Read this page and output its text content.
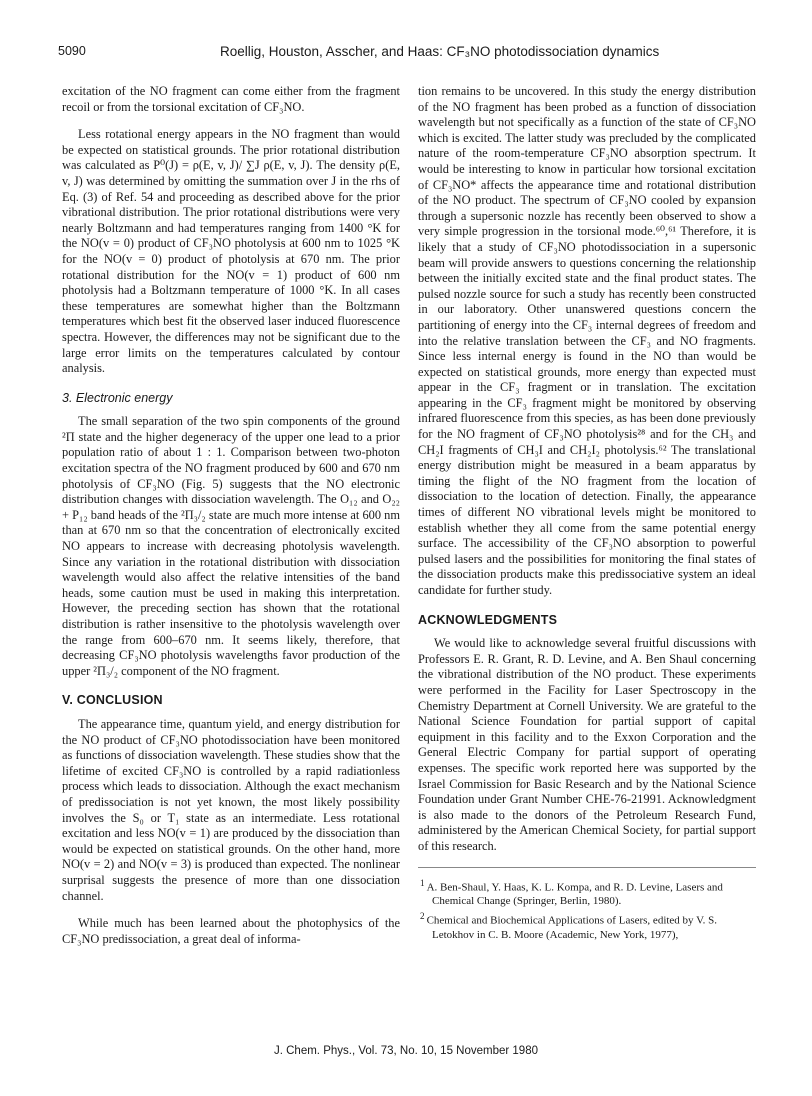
5090	Roellig, Houston, Asscher, and Haas: CF₃NO photodissociation dynamics

excitation of the NO fragment can come either from the fragment recoil or from the torsional excitation of CF₃NO.

Less rotational energy appears in the NO fragment than would be expected on statistical grounds. The prior rotational distribution was calculated as P⁰(J) = ρ(E, v, J)/ ∑J ρ(E, v, J). The density ρ(E, v, J) was determined by omitting the summation over J in the rhs of Eq. (3) of Ref. 54 and proceeding as described above for the prior vibrational distribution. The prior rotational distributions were very nearly Boltzmann and had temperatures ranging from 1400 °K for the NO(v = 0) product of CF₃NO photolysis at 600 nm to 1025 °K for the NO(v = 0) product of photolysis at 670 nm. The prior rotational distribution for the NO(v = 1) product of 600 nm photolysis had a Boltzmann temperature of 1000 °K. In all cases these temperatures are somewhat higher than the Boltzmann temperatures which best fit the observed laser induced fluorescence spectra. However, the differences may not be significant due to the large error limits on the temperatures calculated by contour analysis.

3. Electronic energy

The small separation of the two spin components of the ground ²Π state and the higher degeneracy of the upper one lead to a prior population ratio of about 1 : 1. Comparison between two-photon excitation spectra of the NO fragment produced by 600 and 670 nm photolysis of CF₃NO (Fig. 5) suggests that the NO electronic distribution changes with dissociation wavelength. The O₁₂ and O₂₂ + P₁₂ band heads of the ²Π₃/₂ state are much more intense at 600 nm than at 670 nm so that the concentration of electronically excited NO appears to increase with decreasing photolysis wavelength. Since any variation in the rotational distribution with dissociation wavelength would also affect the relative intensities of the band heads, some caution must be used in making this interpretation. However, the preceding section has shown that the rotational distribution is rather insensitive to the photolysis wavelength over the range from 600–670 nm. It seems likely, therefore, that decreasing CF₃NO photolysis wavelengths favor production of the upper ²Π₃/₂ component of the NO fragment.

V. CONCLUSION

The appearance time, quantum yield, and energy distribution for the NO product of CF₃NO photodissociation have been monitored as functions of dissociation wavelength. These studies show that the lifetime of excited CF₃NO is controlled by a rapid radiationless process which leads to dissociation. Although the exact mechanism of predissociation is not yet known, the most likely possibility involves the S₀ or T₁ state as an intermediate. Less rotational excitation and less NO(v = 1) are produced by the dissociation than would be expected on statistical grounds. On the other hand, more NO(v = 2) and NO(v = 3) is produced than expected. The nonlinear surprisal suggests the presence of more than one dissociation channel.

While much has been learned about the photophysics of the CF₃NO predissociation, a great deal of informa-

tion remains to be uncovered. In this study the energy distribution of the NO fragment has been probed as a function of dissociation wavelength but not specifically as a function of the state of CF₃NO which is excited. The latter study was precluded by the complicated nature of the room-temperature CF₃NO absorption spectrum. It would be interesting to know in particular how torsional excitation of CF₃NO* affects the appearance time and rotational distribution of the NO product. The spectrum of CF₃NO cooled by expansion through a supersonic nozzle has recently been observed to show a very simple progression in the torsional mode.⁶⁰,⁶¹ Therefore, it is likely that a study of CF₃NO photodissociation in a supersonic beam will provide answers to questions concerning the relationship between the initially excited state and the final product states. The pulsed nozzle source for such a study has recently been constructed in our laboratory. Other unanswered questions concern the partitioning of energy into the CF₃ internal degrees of freedom and into the relative translation between the CF₃ and NO fragments. Since less internal energy is found in the NO than would be expected on statistical grounds, more energy than expected must appear in the CF₃ fragment or in translation. The excitation appearing in the CF₃ fragment might be monitored by observing infrared fluorescence from this species, as has been done previously for the NO fragment of CF₃NO photolysis²⁸ and for the CH₃ and CH₂I fragments of CH₃I and CH₂I₂ photolysis.⁶² The translational energy distribution might be measured in a beam apparatus by timing the flight of the NO fragment from the location of dissociation to the location of detection. Finally, the appearance times of different NO vibrational levels might be monitored to establish whether they all come from the same potential energy surface. The accessibility of the CF₃NO absorption to powerful pulsed lasers and the possibilities for monitoring the final states of the dissociation products make this predissociative system an ideal candidate for further study.

ACKNOWLEDGMENTS

We would like to acknowledge several fruitful discussions with Professors E. R. Grant, R. D. Levine, and A. Ben Shaul concerning the vibrational distribution of the NO product. These experiments were performed in the Facility for Laser Spectroscopy in the Chemistry Department at Cornell University. We are grateful to the National Science Foundation for partial support of capital equipment in this facility and to the Exxon Corporation and the General Electric Company for partial support of operating expenses. The specific work reported here was supported by the Israel Commission for Basic Research and by the National Science Foundation under Grant Number CHE-76-21991. Acknowledgment is also made to the donors of the Petroleum Research Fund, administered by the American Chemical Society, for partial support of this research.

$^1$ A. Ben-Shaul, Y. Haas, K. L. Kompa, and R. D. Levine, Lasers and Chemical Change (Springer, Berlin, 1980).

$^2$ Chemical and Biochemical Applications of Lasers, edited by V. S. Letokhov in C. B. Moore (Academic, New York, 1977),

J. Chem. Phys., Vol. 73, No. 10, 15 November 1980
